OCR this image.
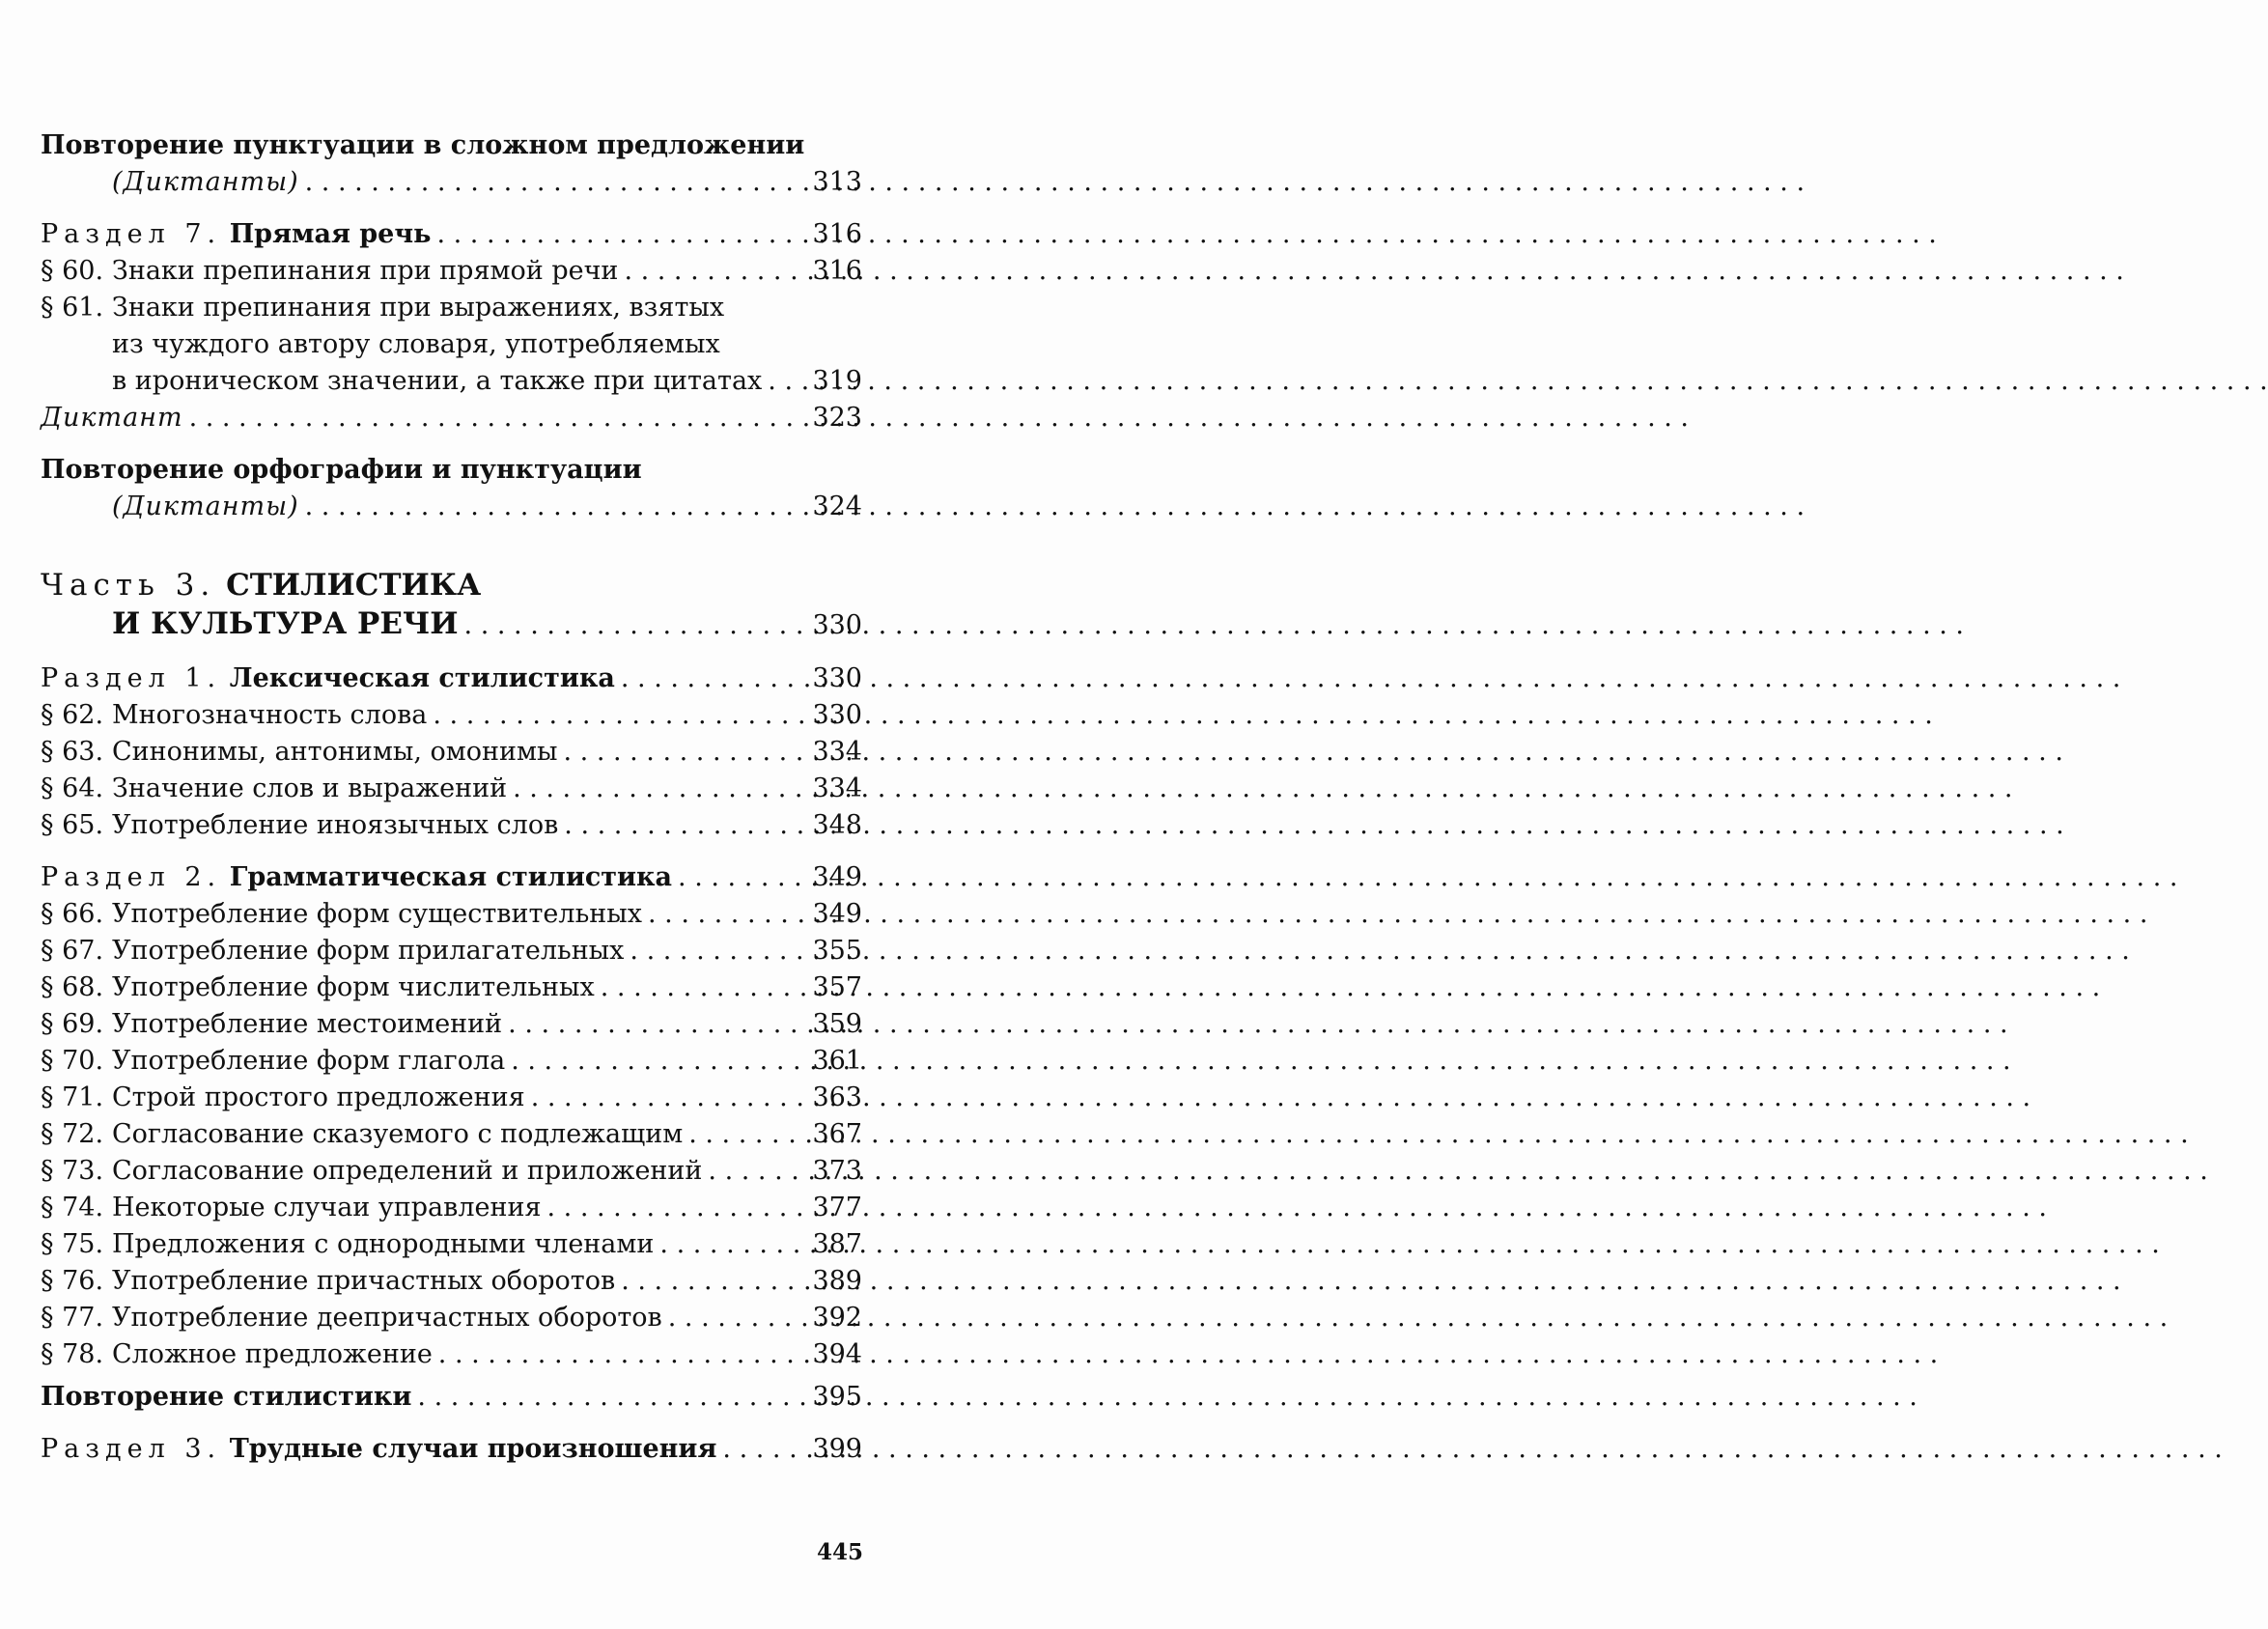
Повторение пунктуации в сложном предложении
(Диктанты) . . .	313
Раздел 7. Прямая речь . . .	316
§ 60. Знаки препинания при прямой речи . . .	316
§ 61. Знаки препинания при выражениях, взятых
из чуждого автору словаря, употребляемых
в ироническом значении, а также при цитатах . . .	319
Диктант . . .	323
Повторение орфографии и пунктуации
(Диктанты) . . .	324
Часть 3. СТИЛИСТИКА
И КУЛЬТУРА РЕЧИ . . .	330
Раздел 1. Лексическая стилистика . . .	330
§ 62. Многозначность слова . . .	330
§ 63. Синонимы, антонимы, омонимы . . .	334
§ 64. Значение слов и выражений . . .	334
§ 65. Употребление иноязычных слов . . .	348
Раздел 2. Грамматическая стилистика . . .	349
§ 66. Употребление форм существительных . . .	349
§ 67. Употребление форм прилагательных . . .	355
§ 68. Употребление форм числительных . . .	357
§ 69. Употребление местоимений . . .	359
§ 70. Употребление форм глагола . . .	361
§ 71. Строй простого предложения . . .	363
§ 72. Согласование сказуемого с подлежащим . . .	367
§ 73. Согласование определений и приложений . . .	373
§ 74. Некоторые случаи управления . . .	377
§ 75. Предложения с однородными членами . . .	387
§ 76. Употребление причастных оборотов . . .	389
§ 77. Употребление деепричастных оборотов . . .	392
§ 78. Сложное предложение . . .	394
Повторение стилистики . . .	395
Раздел 3. Трудные случаи произношения . . .	399
445
